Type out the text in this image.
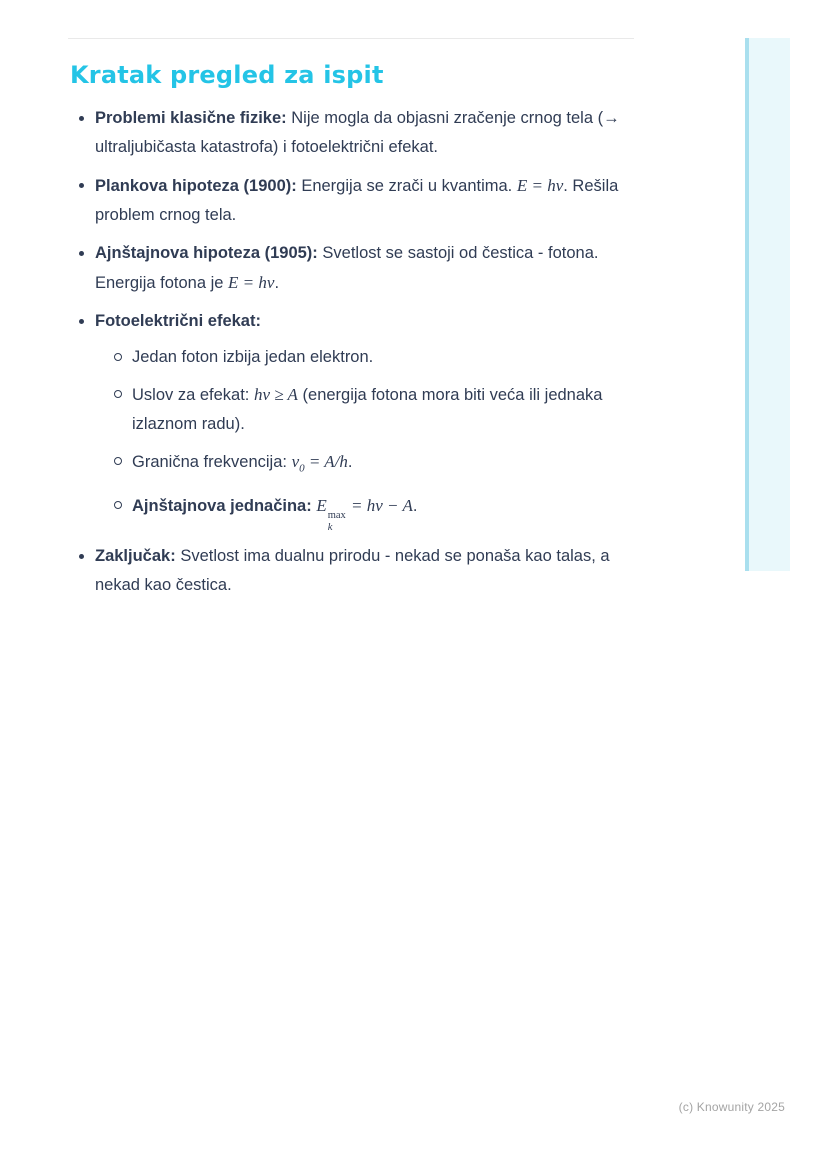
Kratak pregled za ispit
Problemi klasične fizike: Nije mogla da objasni zračenje crnog tela (→ ultraljubičasta katastrofa) i fotoelektrični efekat.
Plankova hipoteza (1900): Energija se zrači u kvantima. E = hv. Rešila problem crnog tela.
Ajnštajnova hipoteza (1905): Svetlost se sastoji od čestica - fotona. Energija fotona je E = hv.
Fotoelektrični efekat:
Jedan foton izbija jedan elektron.
Uslov za efekat: hv ≥ A (energija fotona mora biti veća ili jednaka izlaznom radu).
Granična frekvencija: $v_0 = A/h$.
Ajnštajnova jednačina: E
max
k
= hv − A.
Zaključak: Svetlost ima dualnu prirodu - nekad se ponaša kao talas, a nekad kao čestica.
(c) Knowunity 2025
